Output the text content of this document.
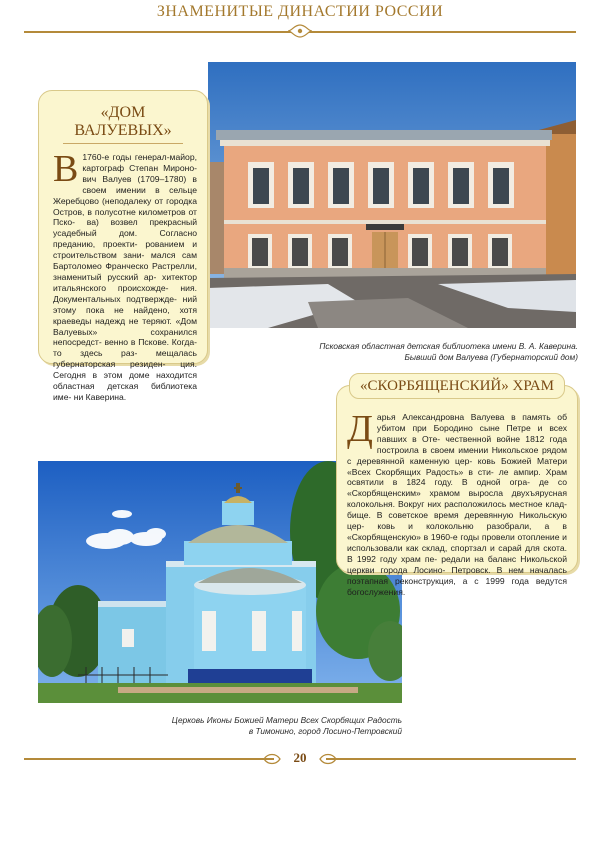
ЗНАМЕНИТЫЕ ДИНАСТИИ РОССИИ
«ДОМ
ВАЛУЕВЫХ»
В 1760-е годы генерал-майор, картограф Степан Мироно- вич Валуев (1709–1780) в своем имении в сельце Жеребцово (неподалеку от городка Остров, в полусотне километров от Пско- ва) возвел прекрасный усадебный дом. Согласно преданию, проекти- рованием и строительством зани- мался сам Бартоломео Франческо Растрелли, знаменитый русский ар- хитектор итальянского происхожде- ния. Документальных подтвержде- ний этому пока не найдено, хотя краеведы надежд не теряют. «Дом Валуевых» сохранился непосредст- венно в Пскове. Когда-то здесь раз- мещалась губернаторская резиден- ция. Сегодня в этом доме находится областная детская библиотека име- ни Каверина.
Псковская областная детская библиотека имени В. А. Каверина.
Бывший дом Валуева (Губернаторский дом)
«СКОРБЯЩЕНСКИЙ» ХРАМ
Дарья Александровна Валуева в память об убитом при Бородино сыне Петре и всех павших в Оте- чественной войне 1812 года построила в своем имении Никольское рядом с деревянной каменную цер- ковь Божией Матери «Всех Скорбящих Радость» в сти- ле ампир. Храм освятили в 1824 году. В одной огра- де со «Скорбященским» храмом выросла двухъярусная колокольня. Вокруг них расположилось местное клад- бище. В советское время деревянную Никольскую цер- ковь и колокольню разобрали, а в «Скорбященскую» в 1960-е годы провели отопление и использовали как склад, спортзал и сарай для скота. В 1992 году храм пе- редали на баланс Никольской церкви города Лосино- Петровск. В нем началась поэтапная реконструкция, а с 1999 года ведутся богослужения.
Церковь Иконы Божией Матери Всех Скорбящих Радость
в Тимонино, город Лосино-Петровский
20
